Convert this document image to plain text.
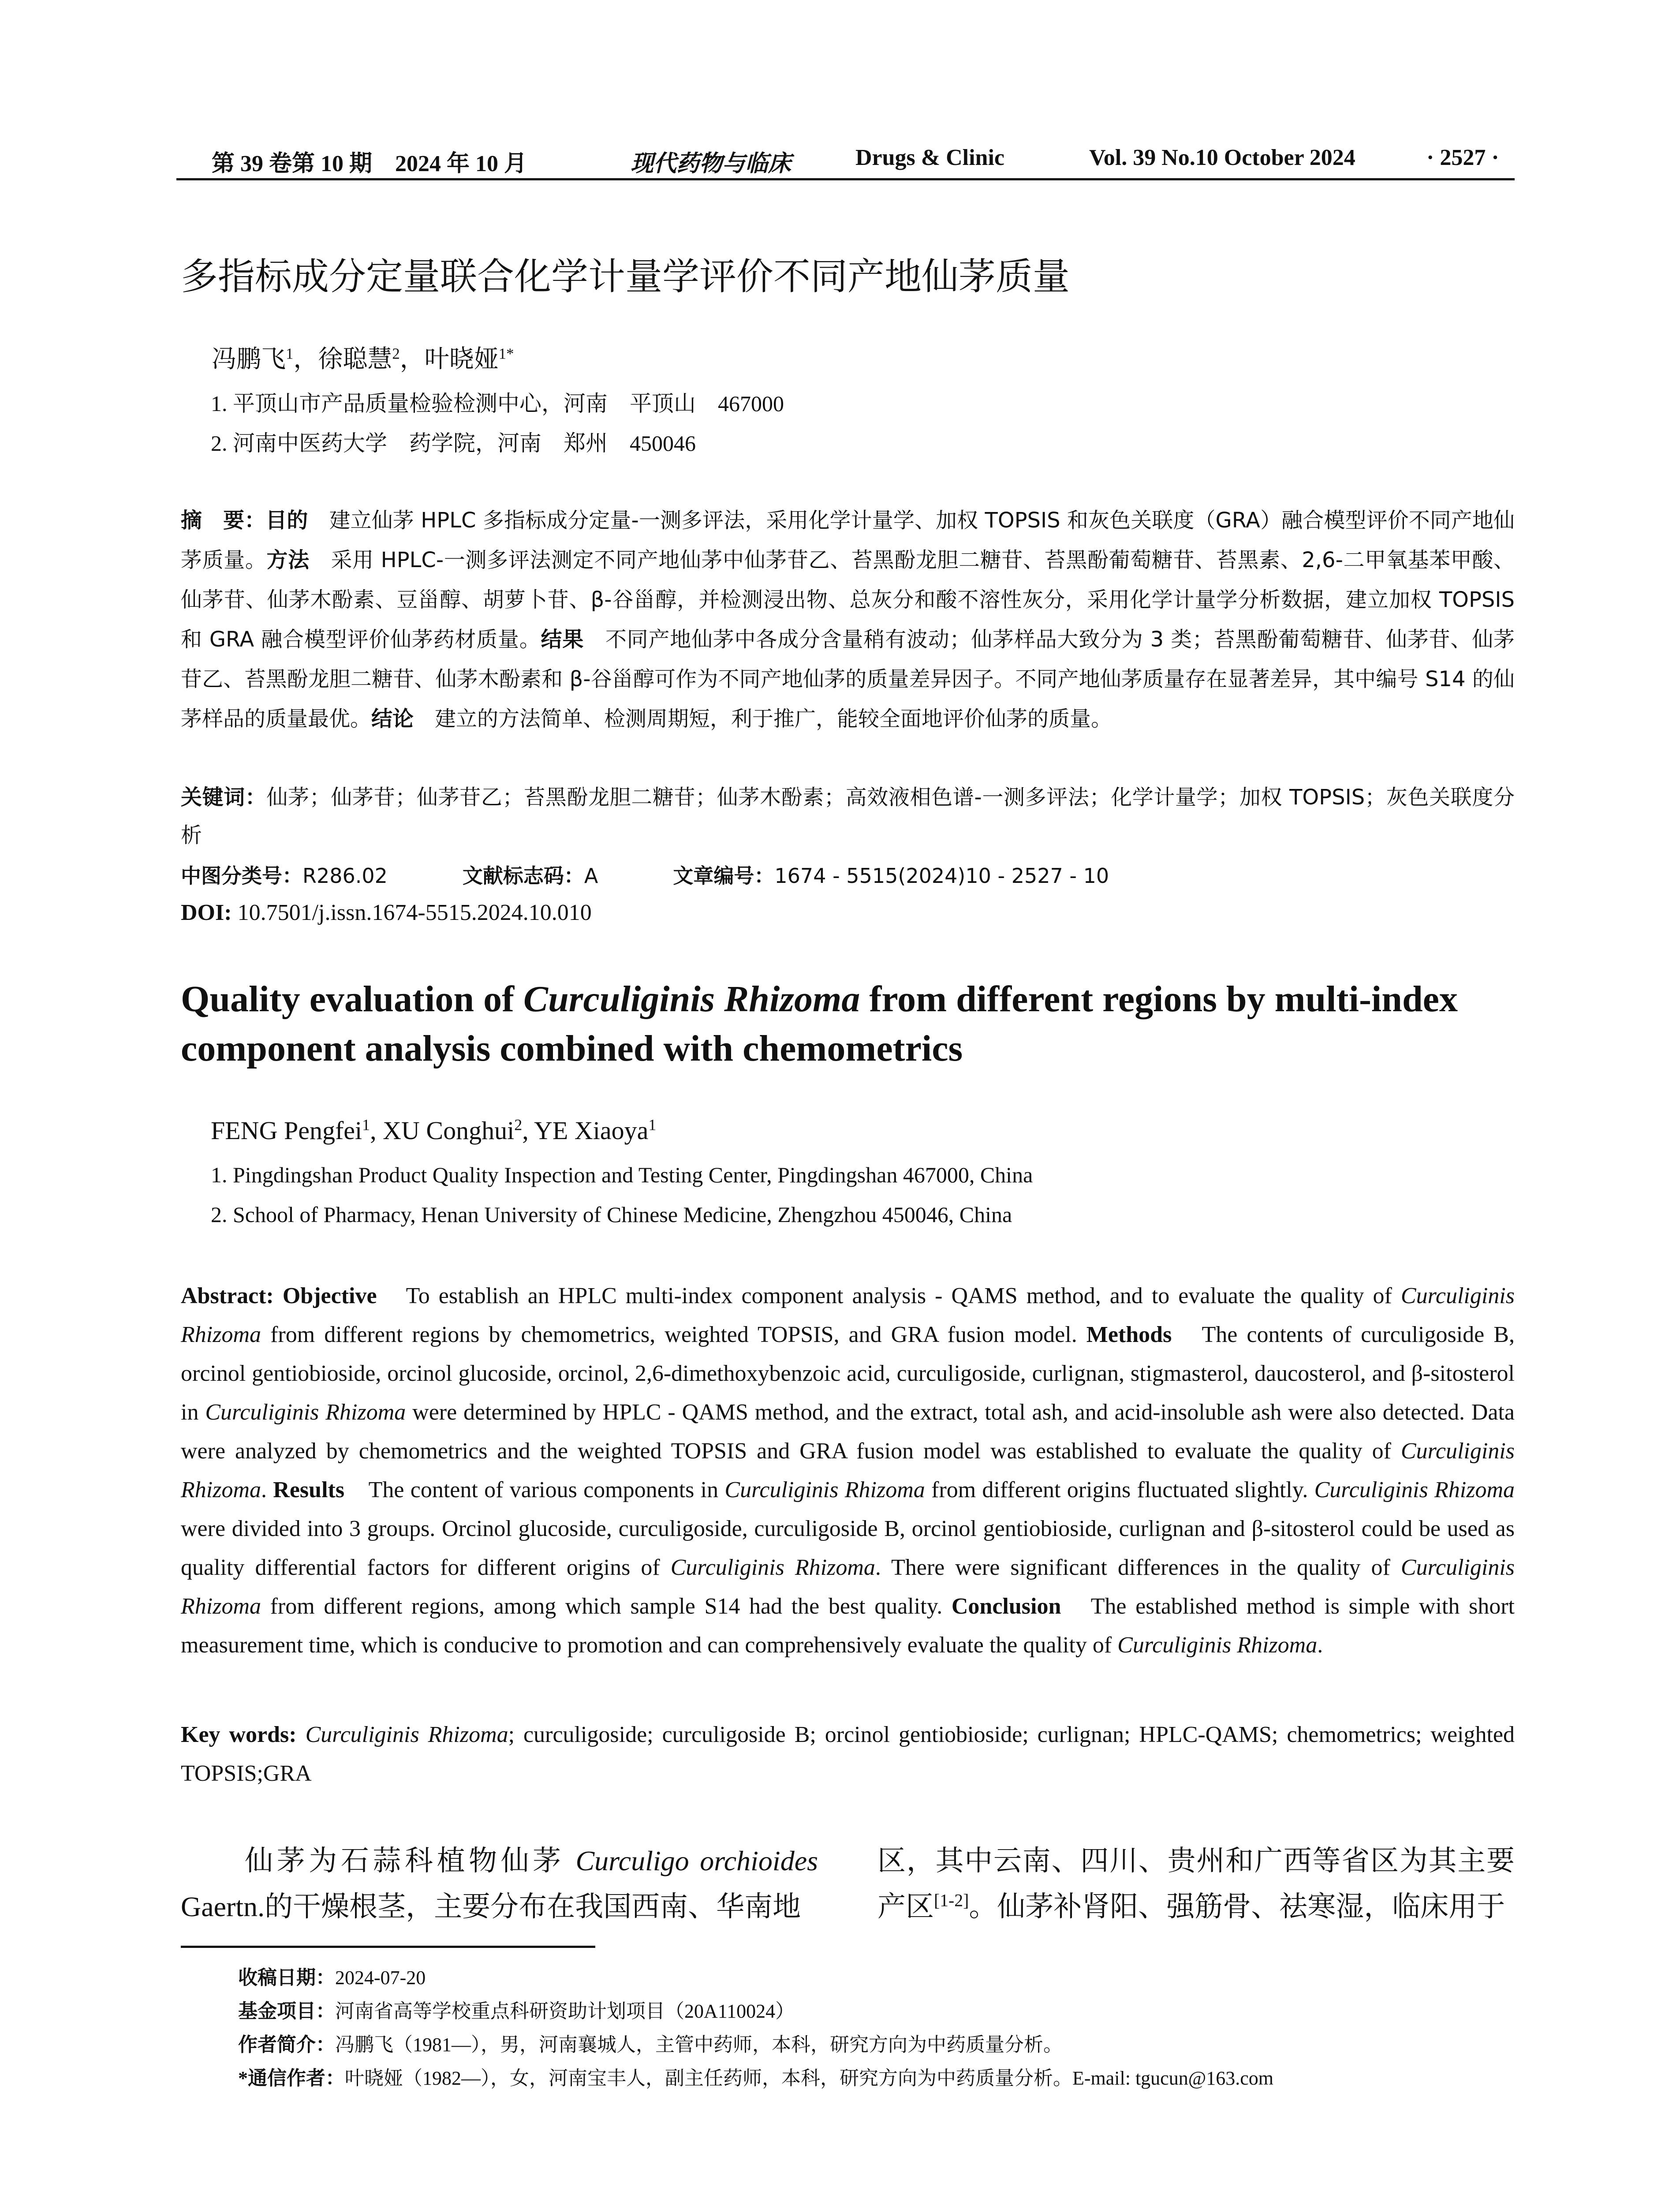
第 39 卷第 10 期　2024 年 10 月	现代药物与临床	Drugs & Clinic	Vol. 39 No.10 October 2024	· 2527 ·
多指标成分定量联合化学计量学评价不同产地仙茅质量
冯鹏飞$^1$，徐聪慧$^2$，叶晓娅$^{1*}$
1. 平顶山市产品质量检验检测中心，河南　平顶山　467000
2. 河南中医药大学　药学院，河南　郑州　450046
摘　要：目的　建立仙茅 HPLC 多指标成分定量-一测多评法，采用化学计量学、加权 TOPSIS 和灰色关联度（GRA）融合模型评价不同产地仙茅质量。方法　采用 HPLC-一测多评法测定不同产地仙茅中仙茅苷乙、苔黑酚龙胆二糖苷、苔黑酚葡萄糖苷、苔黑素、2,6-二甲氧基苯甲酸、仙茅苷、仙茅木酚素、豆甾醇、胡萝卜苷、β-谷甾醇，并检测浸出物、总灰分和酸不溶性灰分，采用化学计量学分析数据，建立加权 TOPSIS 和 GRA 融合模型评价仙茅药材质量。结果　不同产地仙茅中各成分含量稍有波动；仙茅样品大致分为 3 类；苔黑酚葡萄糖苷、仙茅苷、仙茅苷乙、苔黑酚龙胆二糖苷、仙茅木酚素和 β-谷甾醇可作为不同产地仙茅的质量差异因子。不同产地仙茅质量存在显著差异，其中编号 S14 的仙茅样品的质量最优。结论　建立的方法简单、检测周期短，利于推广，能较全面地评价仙茅的质量。
关键词：仙茅；仙茅苷；仙茅苷乙；苔黑酚龙胆二糖苷；仙茅木酚素；高效液相色谱-一测多评法；化学计量学；加权 TOPSIS；灰色关联度分析
中图分类号：R286.02	文献标志码：A	文章编号：1674 - 5515(2024)10 - 2527 - 10
DOI: 10.7501/j.issn.1674-5515.2024.10.010
Quality evaluation of Curculiginis Rhizoma from different regions by multi-index component analysis combined with chemometrics
FENG Pengfei$^1$, XU Conghui$^2$, YE Xiaoya$^1$
1. Pingdingshan Product Quality Inspection and Testing Center, Pingdingshan 467000, China
2. School of Pharmacy, Henan University of Chinese Medicine, Zhengzhou 450046, China
Abstract: Objective　To establish an HPLC multi-index component analysis - QAMS method, and to evaluate the quality of Curculiginis Rhizoma from different regions by chemometrics, weighted TOPSIS, and GRA fusion model. Methods　The contents of curculigoside B, orcinol gentiobioside, orcinol glucoside, orcinol, 2,6-dimethoxybenzoic acid, curculigoside, curlignan, stigmasterol, daucosterol, and β-sitosterol in Curculiginis Rhizoma were determined by HPLC - QAMS method, and the extract, total ash, and acid-insoluble ash were also detected. Data were analyzed by chemometrics and the weighted TOPSIS and GRA fusion model was established to evaluate the quality of Curculiginis Rhizoma. Results　The content of various components in Curculiginis Rhizoma from different origins fluctuated slightly. Curculiginis Rhizoma were divided into 3 groups. Orcinol glucoside, curculigoside, curculigoside B, orcinol gentiobioside, curlignan and β-sitosterol could be used as quality differential factors for different origins of Curculiginis Rhizoma. There were significant differences in the quality of Curculiginis Rhizoma from different regions, among which sample S14 had the best quality. Conclusion　The established method is simple with short measurement time, which is conducive to promotion and can comprehensively evaluate the quality of Curculiginis Rhizoma.
Key words: Curculiginis Rhizoma; curculigoside; curculigoside B; orcinol gentiobioside; curlignan; HPLC-QAMS; chemometrics; weighted TOPSIS;GRA
　　仙茅为石蒜科植物仙茅 Curculigo orchioides Gaertn.的干燥根茎，主要分布在我国西南、华南地
区，其中云南、四川、贵州和广西等省区为其主要产区[1-2]。仙茅补肾阳、强筋骨、祛寒湿，临床用于
收稿日期：2024-07-20
基金项目：河南省高等学校重点科研资助计划项目（20A110024）
作者简介：冯鹏飞（1981—），男，河南襄城人，主管中药师，本科，研究方向为中药质量分析。
*通信作者：叶晓娅（1982—），女，河南宝丰人，副主任药师，本科，研究方向为中药质量分析。E-mail: tgucun@163.com
